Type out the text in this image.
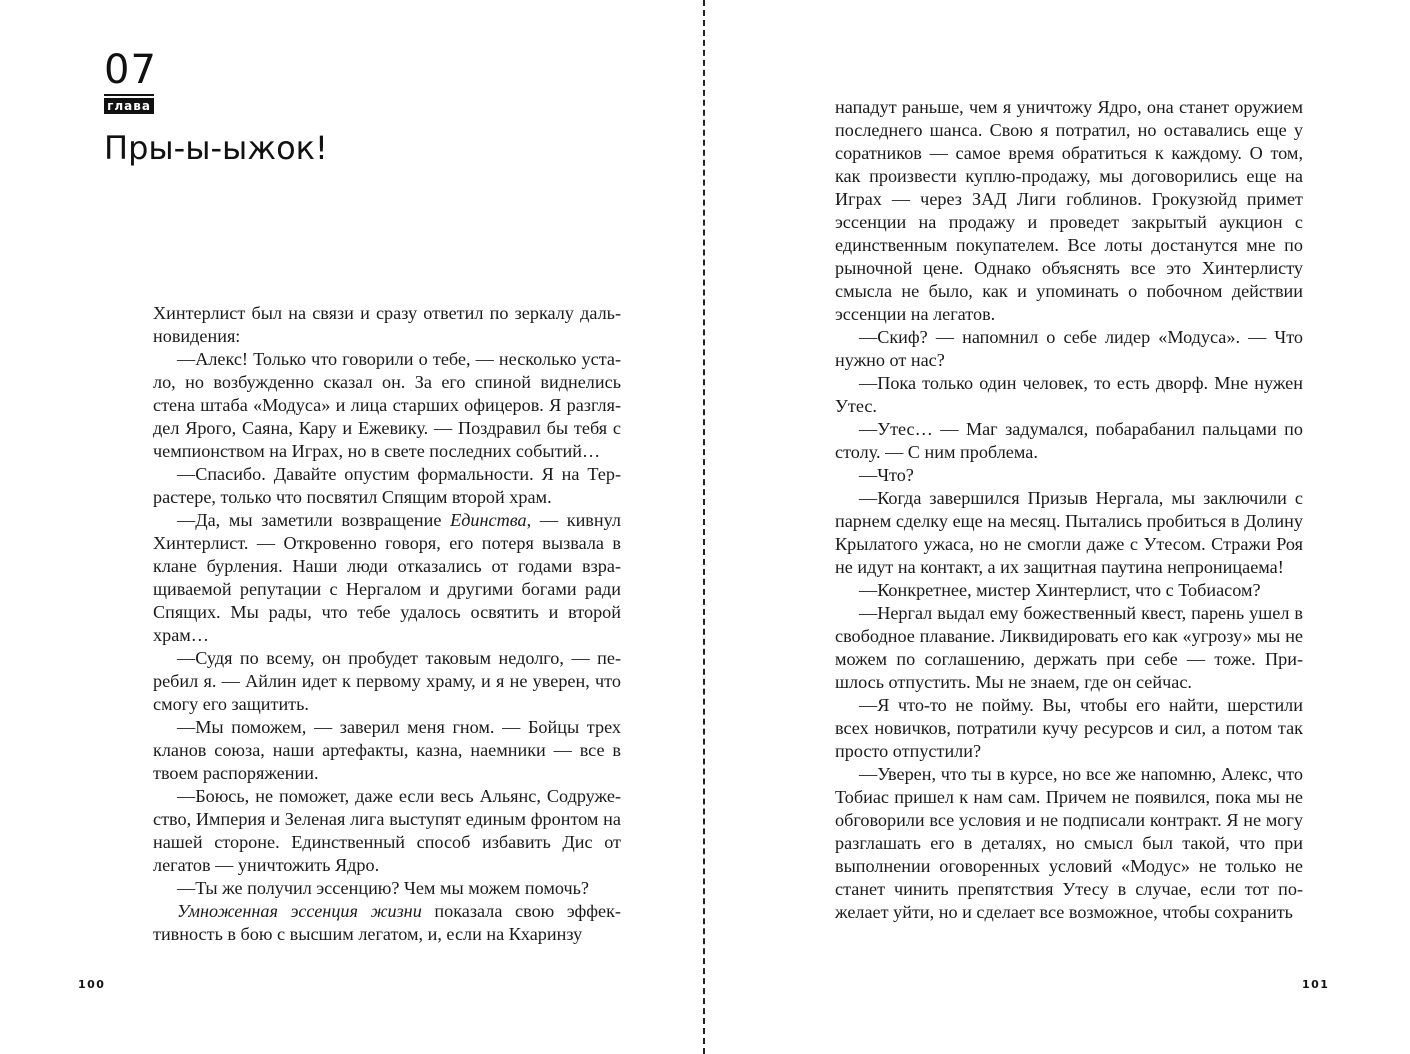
07
глава
Пры-ы-ыжок!

Хинтерлист был на связи и сразу ответил по зеркалу дальновидения:

—Алекс! Только что говорили о тебе, — несколько устало, но возбужденно сказал он. За его спиной виднелись стена штаба «Модуса» и лица старших офицеров. Я разглядел Ярого, Саяна, Кару и Ежевику. — Поздравил бы тебя с чемпионством на Играх, но в свете последних событий…

—Спасибо. Давайте опустим формальности. Я на Террастере, только что посвятил Спящим второй храм.

—Да, мы заметили возвращение Единства, — кивнул Хинтерлист. — Откровенно говоря, его потеря вызвала в клане бурления. Наши люди отказались от годами взращиваемой репутации с Нергалом и другими богами ради Спящих. Мы рады, что тебе удалось освятить и второй храм…

—Судя по всему, он пробудет таковым недолго, — перебил я. — Айлин идет к первому храму, и я не уверен, что смогу его защитить.

—Мы поможем, — заверил меня гном. — Бойцы трех кланов союза, наши артефакты, казна, наемники — все в твоем распоряжении.

—Боюсь, не поможет, даже если весь Альянс, Содружество, Империя и Зеленая лига выступят единым фронтом на нашей стороне. Единственный способ избавить Дис от легатов — уничтожить Ядро.

—Ты же получил эссенцию? Чем мы можем помочь?

Умноженная эссенция жизни показала свою эффективность в бою с высшим легатом, и, если на Кхаринзу

100	101

нападут раньше, чем я уничтожу Ядро, она станет оружием последнего шанса. Свою я потратил, но оставались еще у соратников — самое время обратиться к каждому. О том, как произвести куплю-продажу, мы договорились еще на Играх — через ЗАД Лиги гоблинов. Грокузюйд примет эссенции на продажу и проведет закрытый аукцион с единственным покупателем. Все лоты достанутся мне по рыночной цене. Однако объяснять все это Хинтерлисту смысла не было, как и упоминать о побочном действии эссенции на легатов.

—Скиф? — напомнил о себе лидер «Модуса». — Что нужно от нас?

—Пока только один человек, то есть дворф. Мне нужен Утес.

—Утес… — Маг задумался, побарабанил пальцами по столу. — С ним проблема.

—Что?

—Когда завершился Призыв Нергала, мы заключили с парнем сделку еще на месяц. Пытались пробиться в Долину Крылатого ужаса, но не смогли даже с Утесом. Стражи Роя не идут на контакт, а их защитная паутина непроницаема!

—Конкретнее, мистер Хинтерлист, что с Тобиасом?

—Нергал выдал ему божественный квест, парень ушел в свободное плавание. Ликвидировать его как «угрозу» мы не можем по соглашению, держать при себе — тоже. Пришлось отпустить. Мы не знаем, где он сейчас.

—Я что-то не пойму. Вы, чтобы его найти, шерстили всех новичков, потратили кучу ресурсов и сил, а потом так просто отпустили?

—Уверен, что ты в курсе, но все же напомню, Алекс, что Тобиас пришел к нам сам. Причем не появился, пока мы не обговорили все условия и не подписали контракт. Я не могу разглашать его в деталях, но смысл был такой, что при выполнении оговоренных условий «Модус» не только не станет чинить препятствия Утесу в случае, если тот пожелает уйти, но и сделает все возможное, чтобы сохранить
